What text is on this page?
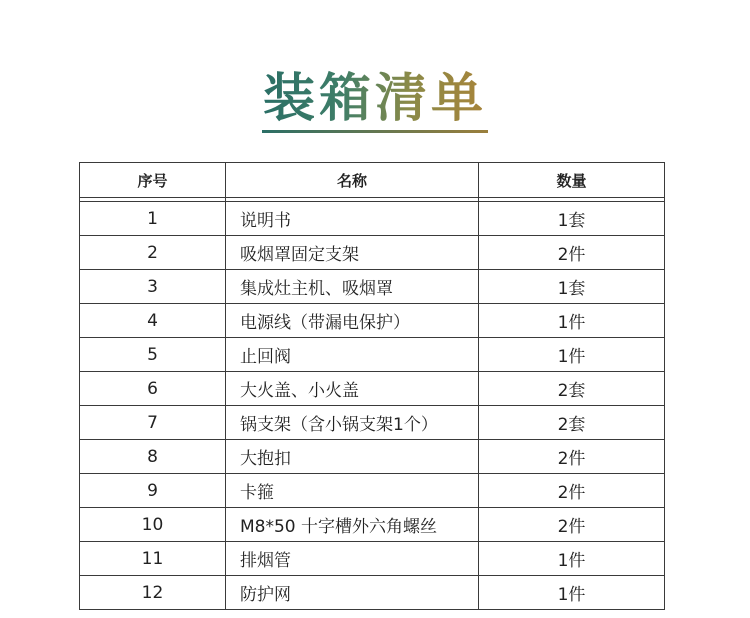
装箱清单
序号	名称	数量

1	说明书	1套
2	吸烟罩固定支架	2件
3	集成灶主机、吸烟罩	1套
4	电源线（带漏电保护）	1件
5	止回阀	1件
6	大火盖、小火盖	2套
7	锅支架（含小锅支架1个）	2套
8	大抱扣	2件
9	卡箍	2件
10	M8*50 十字槽外六角螺丝	2件
11	排烟管	1件
12	防护网	1件
